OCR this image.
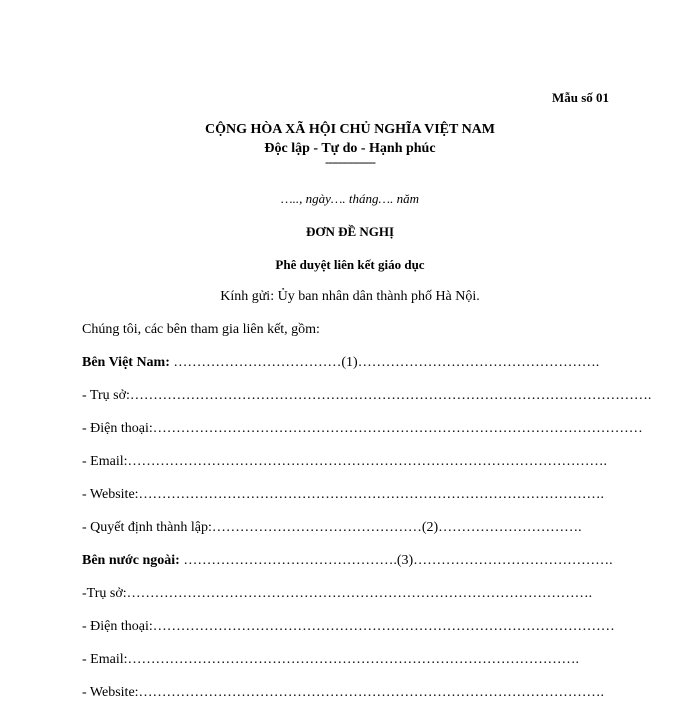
Mẫu số 01
CỘNG HÒA XÃ HỘI CHỦ NGHĨA VIỆT NAM
Độc lập - Tự do - Hạnh phúc
---------------
….., ngày…. tháng…. năm
ĐƠN ĐỀ NGHỊ
Phê duyệt liên kết giáo dục
Kính gửi: Ủy ban nhân dân thành phố Hà Nội.
Chúng tôi, các bên tham gia liên kết, gồm:
Bên Việt Nam: ………………………………(1)…………………………………………….
- Trụ sở:………………………………………………………………………………………………….
- Điện thoại:……………………………………………………………………………………………
- Email:………………………………………………………………………………………….
- Website:……………………………………………………………………………………….
- Quyết định thành lập:………………………………………(2)………………………….
Bên nước ngoài: ……………………………………….(3)…………………………………….
-Trụ sở:……………………………………………………………………………………….
- Điện thoại:………………………………………………………………………………………
- Email:…………………………………………………………………………………….
- Website:……………………………………………………………………………………….
